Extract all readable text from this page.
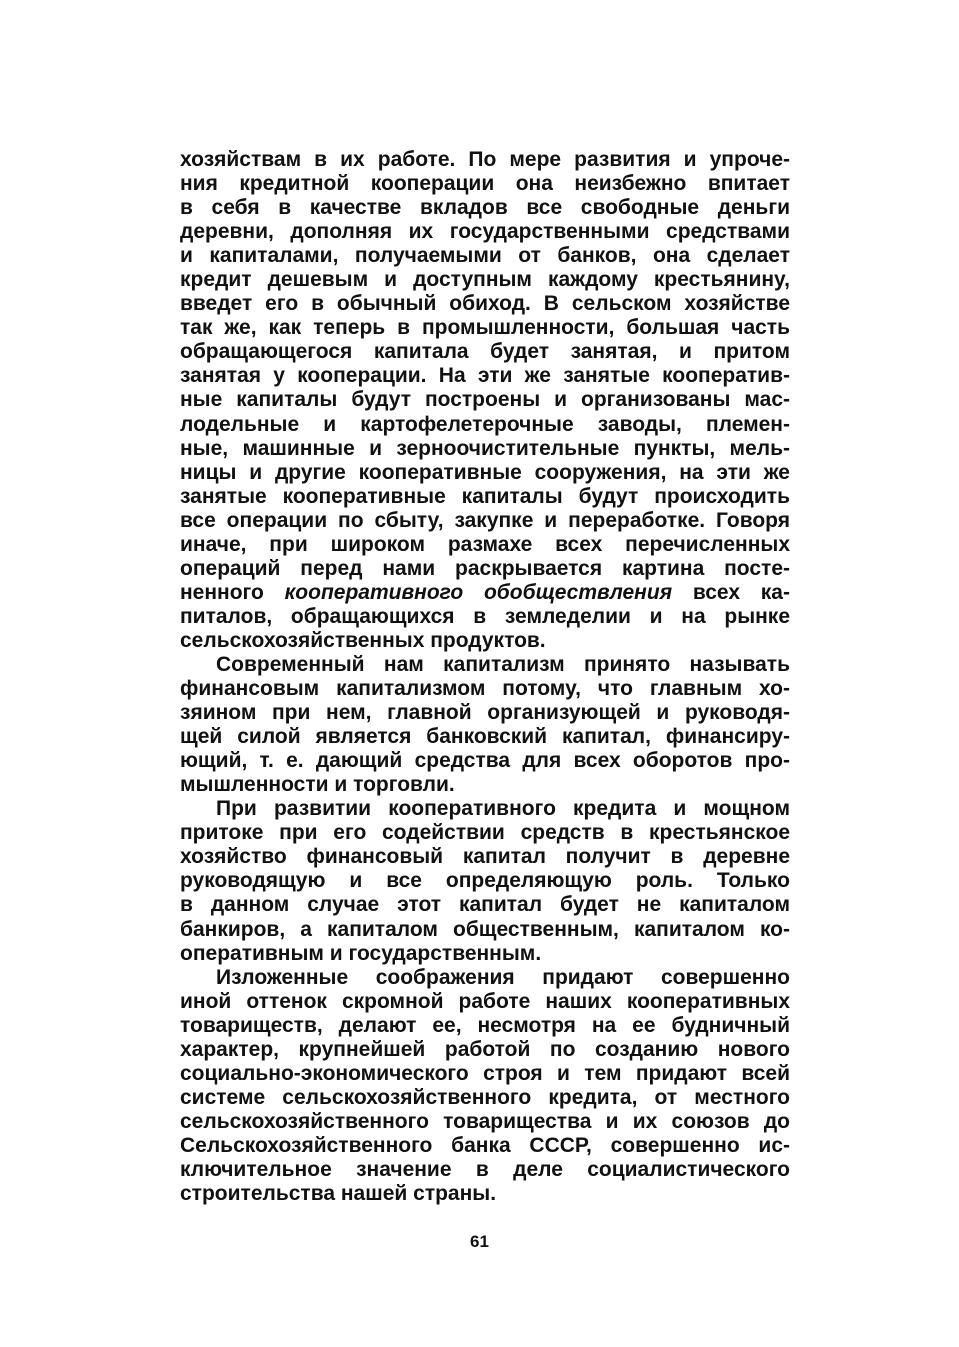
хозяйствам в их работе. По мере развития и упроче-
ния кредитной кооперации она неизбежно впитает
в себя в качестве вкладов все свободные деньги
деревни, дополняя их государственными средствами
и капиталами, получаемыми от банков, она сделает
кредит дешевым и доступным каждому крестьянину,
введет его в обычный обиход. В сельском хозяйстве
так же, как теперь в промышленности, большая часть
обращающегося капитала будет занятая, и притом
занятая у кооперации. На эти же занятые кооператив-
ные капиталы будут построены и организованы мас-
лодельные и картофелетерочные заводы, племен-
ные, машинные и зерноочистительные пункты, мель-
ницы и другие кооперативные сооружения, на эти же
занятые кооперативные капиталы будут происходить
все операции по сбыту, закупке и переработке. Говоря
иначе, при широком размахе всех перечисленных
операций перед нами раскрывается картина посте-
ненного кооперативного обобществления всех ка-
питалов, обращающихся в земледелии и на рынке
сельскохозяйственных продуктов.
Современный нам капитализм принято называть
финансовым капитализмом потому, что главным хо-
зяином при нем, главной организующей и руководя-
щей силой является банковский капитал, финансиру-
ющий, т. е. дающий средства для всех оборотов про-
мышленности и торговли.
При развитии кооперативного кредита и мощном
притоке при его содействии средств в крестьянское
хозяйство финансовый капитал получит в деревне
руководящую и все определяющую роль. Только
в данном случае этот капитал будет не капиталом
банкиров, а капиталом общественным, капиталом ко-
оперативным и государственным.
Изложенные соображения придают совершенно
иной оттенок скромной работе наших кооперативных
товариществ, делают ее, несмотря на ее будничный
характер, крупнейшей работой по созданию нового
социально-экономического строя и тем придают всей
системе сельскохозяйственного кредита, от местного
сельскохозяйственного товарищества и их союзов до
Сельскохозяйственного банка СССР, совершенно ис-
ключительное значение в деле социалистического
строительства нашей страны.
61
